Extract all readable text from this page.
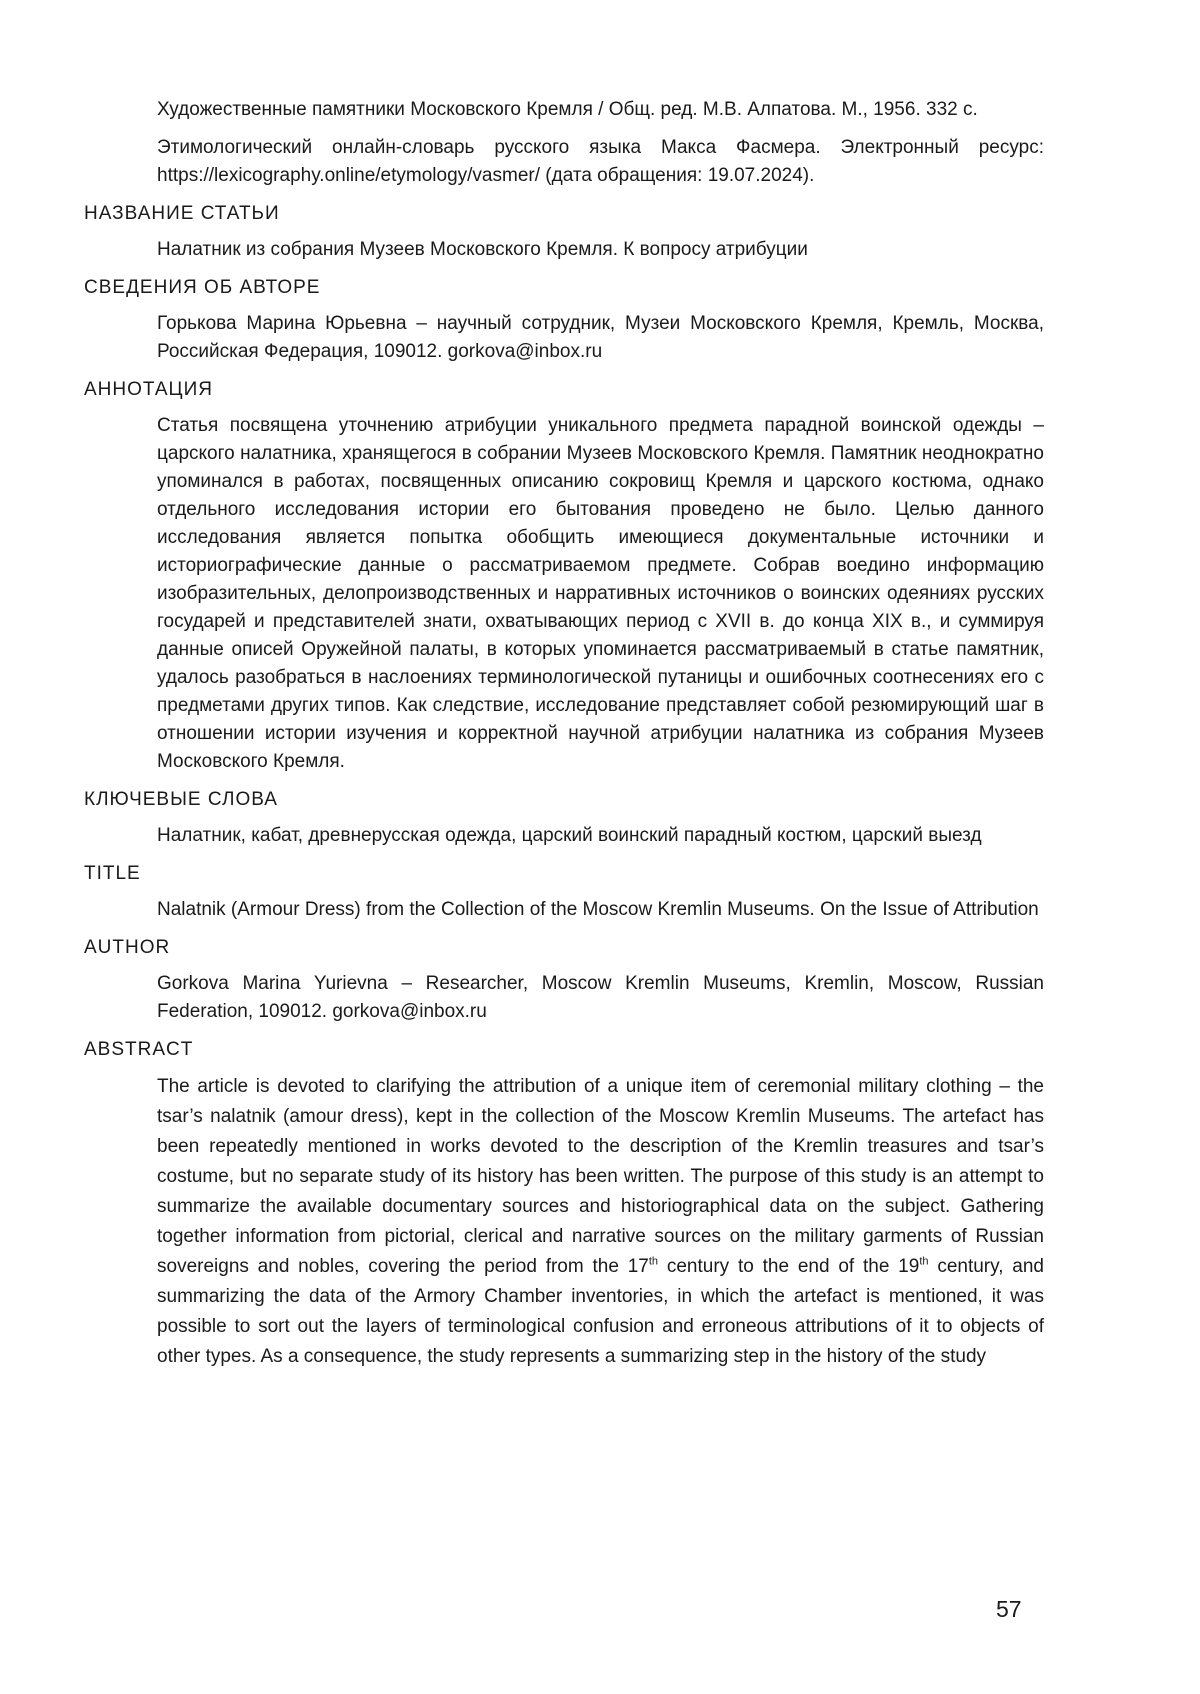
Художественные памятники Московского Кремля / Общ. ред. М.В. Алпатова. М., 1956. 332 с.

Этимологический онлайн-словарь русского языка Макса Фасмера. Электронный ресурс: https://lexicography.online/etymology/vasmer/ (дата обращения: 19.07.2024).

НАЗВАНИЕ СТАТЬИ
Налатник из собрания Музеев Московского Кремля. К вопросу атрибуции
СВЕДЕНИЯ ОБ АВТОРЕ
Горькова Марина Юрьевна – научный сотрудник, Музеи Московского Кремля, Кремль, Москва, Российская Федерация, 109012. gorkova@inbox.ru
АННОТАЦИЯ
Статья посвящена уточнению атрибуции уникального предмета парадной воинской одежды – царского налатника, хранящегося в собрании Музеев Московского Кремля. Памятник неоднократно упоминался в работах, посвященных описанию сокровищ Кремля и царского костюма, однако отдельного исследования истории его бытования проведено не было. Целью данного исследования является попытка обобщить имеющиеся документальные источники и историографические данные о рассматриваемом предмете. Собрав воедино информацию изобразительных, делопроизводственных и нарративных источников о воинских одеяниях русских государей и представителей знати, охватывающих период с XVII в. до конца XIX в., и суммируя данные описей Оружейной палаты, в которых упоминается рассматриваемый в статье памятник, удалось разобраться в наслоениях терминологической путаницы и ошибочных соотнесениях его с предметами других типов. Как следствие, исследование представляет собой резюмирующий шаг в отношении истории изучения и корректной научной атрибуции налатника из собрания Музеев Московского Кремля.
КЛЮЧЕВЫЕ СЛОВА
Налатник, кабат, древнерусская одежда, царский воинский парадный костюм, царский выезд
TITLE
Nalatnik (Armour Dress) from the Collection of the Moscow Kremlin Museums. On the Issue of Attribution
AUTHOR
Gorkova Marina Yurievna – Researcher, Moscow Kremlin Museums, Kremlin, Moscow, Russian Federation, 109012. gorkova@inbox.ru
ABSTRACT
The article is devoted to clarifying the attribution of a unique item of ceremonial military clothing – the tsar’s nalatnik (amour dress), kept in the collection of the Moscow Kremlin Museums. The artefact has been repeatedly mentioned in works devoted to the description of the Kremlin treasures and tsar’s costume, but no separate study of its history has been written. The purpose of this study is an attempt to summarize the available documentary sources and historiographical data on the subject. Gathering together information from pictorial, clerical and narrative sources on the military garments of Russian sovereigns and nobles, covering the period from the 17th century to the end of the 19th century, and summarizing the data of the Armory Chamber inventories, in which the artefact is mentioned, it was possible to sort out the layers of terminological confusion and erroneous attributions of it to objects of other types. As a consequence, the study represents a summarizing step in the history of the study
57
